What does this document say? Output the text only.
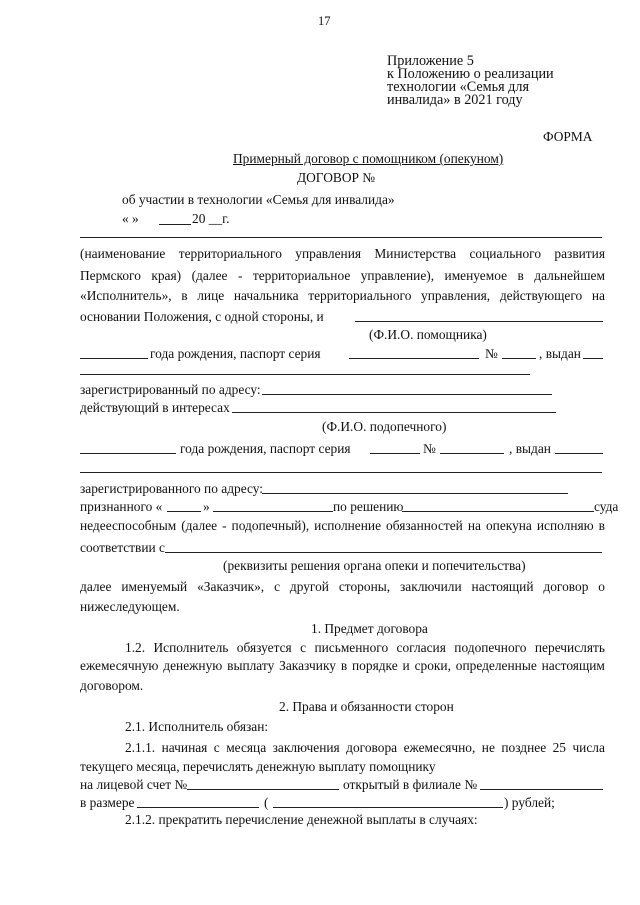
17
Приложение 5
к Положению о реализации
технологии «Семья для
инвалида» в 2021 году
ФОРМА
Примерный договор с помощником (опекуном)
ДОГОВОР №
об участии в технологии «Семья для инвалида»
« »	20 __г.
(наименование территориального управления Министерства социального развития
Пермского края) (далее - территориальное управление), именуемое в дальнейшем
«Исполнитель», в лице начальника территориального управления, действующего на
основании Положения, с одной стороны, и
(Ф.И.О. помощника)
года рождения, паспорт серия	№	, выдан
зарегистрированный по адресу:
действующий в интересах
(Ф.И.О. подопечного)
года рождения, паспорт серия	№	, выдан
зарегистрированного по адресу:
признанного «	»	по решению	суда
недееспособным (далее - подопечный), исполнение обязанностей на опекуна исполняю в
соответствии с
(реквизиты решения органа опеки и попечительства)
далее именуемый «Заказчик», с другой стороны, заключили настоящий договор о
нижеследующем.
1. Предмет договора
1.2. Исполнитель обязуется с письменного согласия подопечного перечислять
ежемесячную денежную выплату Заказчику в порядке и сроки, определенные настоящим
договором.
2. Права и обязанности сторон
2.1. Исполнитель обязан:
2.1.1. начиная с месяца заключения договора ежемесячно, не позднее 25 числа
текущего месяца, перечислять денежную выплату помощнику
на лицевой счет №	открытый в филиале №
в размере	(	) рублей;
2.1.2. прекратить перечисление денежной выплаты в случаях:
